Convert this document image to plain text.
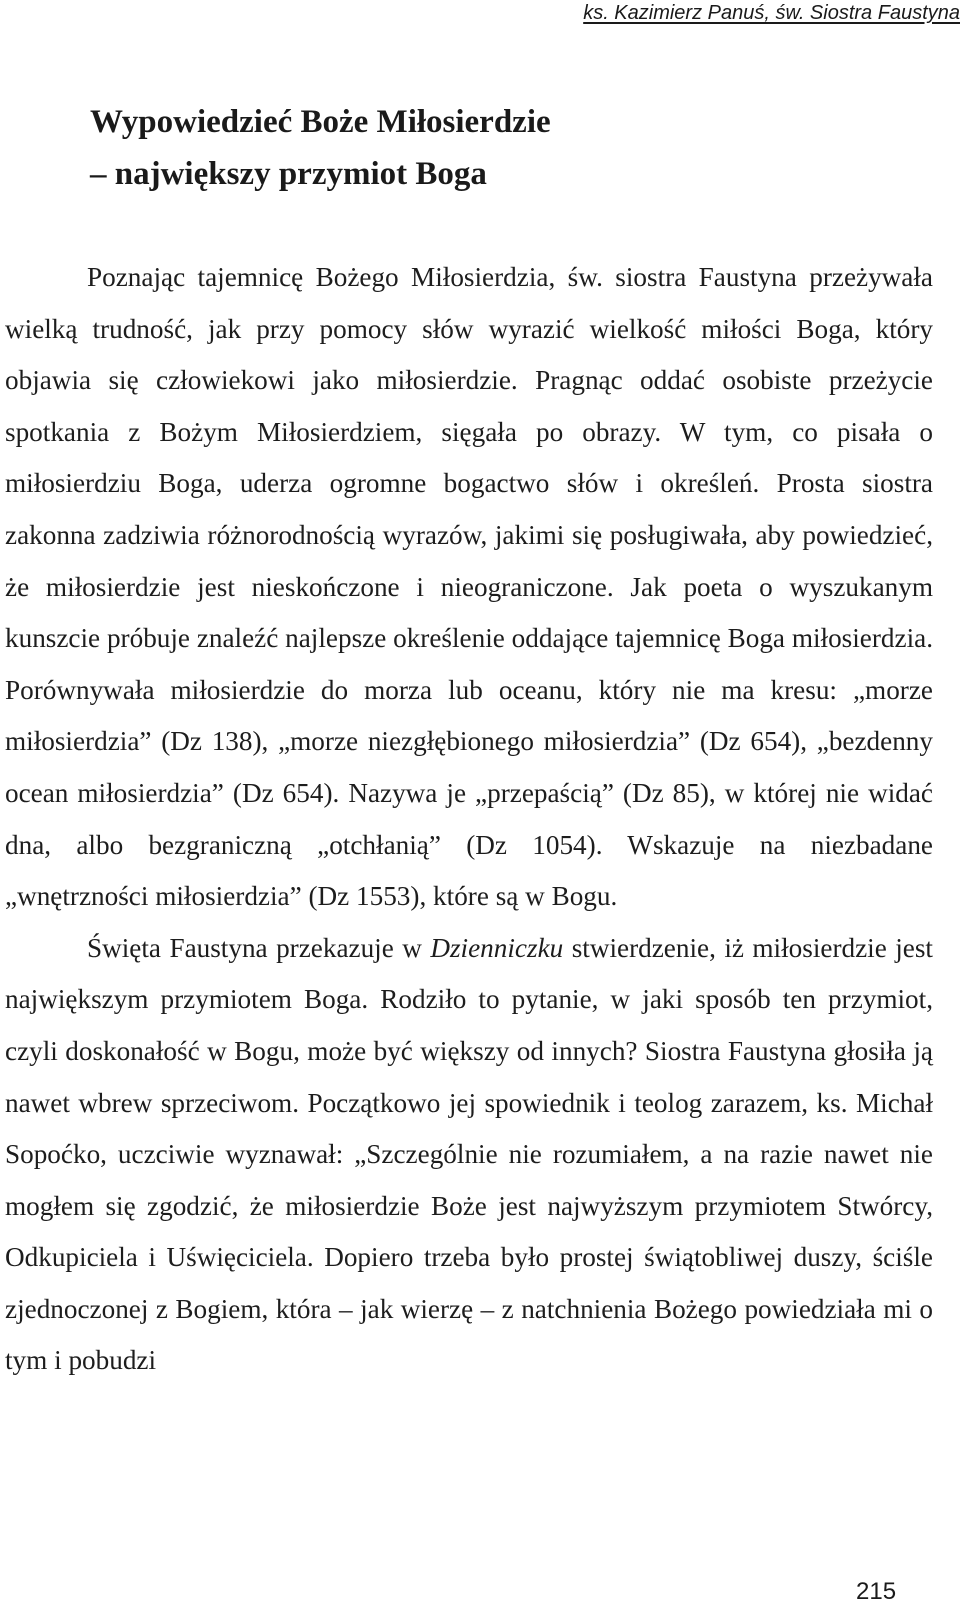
ks. Kazimierz Panuś, św. Siostra Faustyna
Wypowiedzieć Boże Miłosierdzie
– największy przymiot Boga

Poznając tajemnicę Bożego Miłosierdzia, św. siostra Faustyna przeżywała wielką trudność, jak przy pomocy słów wyrazić wielkość miłości Boga, który objawia się człowiekowi jako miłosierdzie. Pragnąc oddać osobiste przeżycie spotkania z Bożym Miłosierdziem, sięgała po obrazy. W tym, co pisała o miłosierdziu Boga, uderza ogromne bogactwo słów i określeń. Prosta siostra zakonna zadziwia różnorodnością wyrazów, jakimi się posługiwała, aby powiedzieć, że miłosierdzie jest nieskończone i nieograniczone. Jak poeta o wyszukanym kunszcie próbuje znaleźć najlepsze określenie oddające tajemnicę Boga miłosierdzia. Porównywała miłosierdzie do morza lub oceanu, który nie ma kresu: „morze miłosierdzia” (Dz 138), „morze niezgłębionego miłosierdzia” (Dz 654), „bezdenny ocean miłosierdzia” (Dz 654). Nazywa je „przepaścią” (Dz 85), w której nie widać dna, albo bezgraniczną „otchłanią” (Dz 1054). Wskazuje na niezbadane „wnętrzności miłosierdzia” (Dz 1553), które są w Bogu.

Święta Faustyna przekazuje w Dzienniczku stwierdzenie, iż miłosierdzie jest największym przymiotem Boga. Rodziło to pytanie, w jaki sposób ten przymiot, czyli doskonałość w Bogu, może być większy od innych? Siostra Faustyna głosiła ją nawet wbrew sprzeciwom. Początkowo jej spowiednik i teolog zarazem, ks. Michał Sopoćko, uczciwie wyznawał: „Szczególnie nie rozumiałem, a na razie nawet nie mogłem się zgodzić, że miłosierdzie Boże jest najwyższym przymiotem Stwórcy, Odkupiciela i Uświęciciela. Dopiero trzeba było prostej świątobliwej duszy, ściśle zjednoczonej z Bogiem, która – jak wierzę – z natchnienia Bożego powiedziała mi o tym i pobudzi

215
